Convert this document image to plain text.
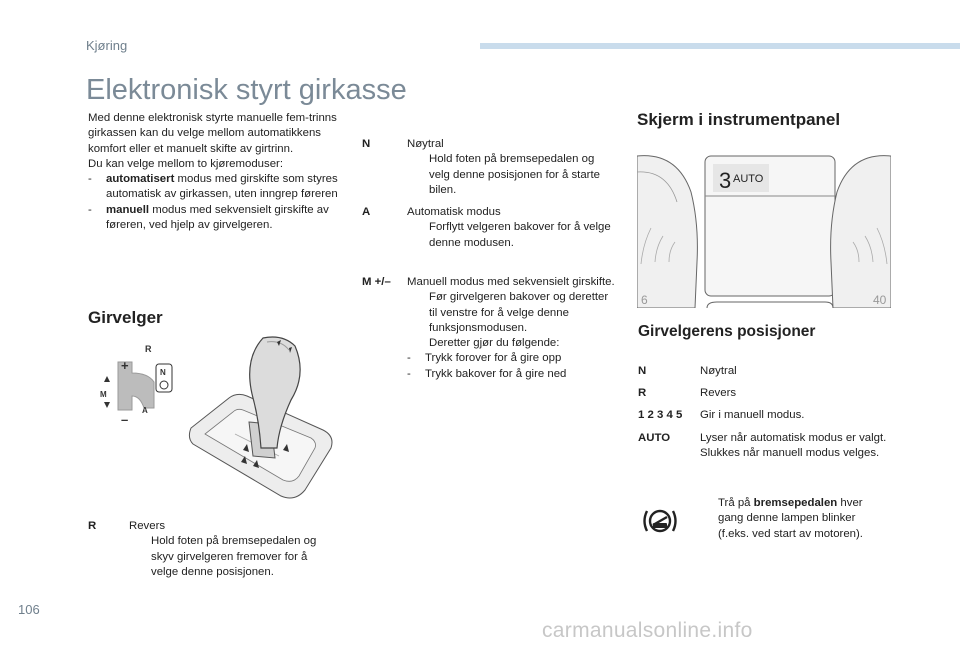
Kjøring
Elektronisk styrt girkasse

Med denne elektronisk styrte manuelle fem-trinns girkassen kan du velge mellom automatikkens komfort eller et manuelt skifte av girtrinn.

Du kan velge mellom to kjøremoduser:

- automatisert modus med girskifte som styres automatisk av girkassen, uten inngrep føreren
- manuell modus med sekvensielt girskifte av føreren, ved hjelp av girvelgeren.
Girvelger
R
+
–
M
A
N
R	Revers
Hold foten på bremsepedalen og skyv girvelgeren fremover for å velge denne posisjonen.
N	Nøytral
Hold foten på bremsepedalen og velg denne posisjonen for å starte bilen.
A	Automatisk modus
Forflytt velgeren bakover for å velge denne modusen.
M +/– Manuell modus med sekvensielt girskifte.
Før girvelgeren bakover og deretter til venstre for å velge denne funksjonsmodusen.
Deretter gjør du følgende:
- Trykk forover for å gire opp
- Trykk bakover for å gire ned
Skjerm i instrumentpanel
6
3 AUTO
40
Girvelgerens posisjoner
N	Nøytral
R	Revers
1 2 3 4 5 Gir i manuell modus.
AUTO	Lyser når automatisk modus er valgt. Slukkes når manuell modus velges.
Trå på bremsepedalen hver gang denne lampen blinker (f.eks. ved start av motoren).
106
carmanualsonline.info
